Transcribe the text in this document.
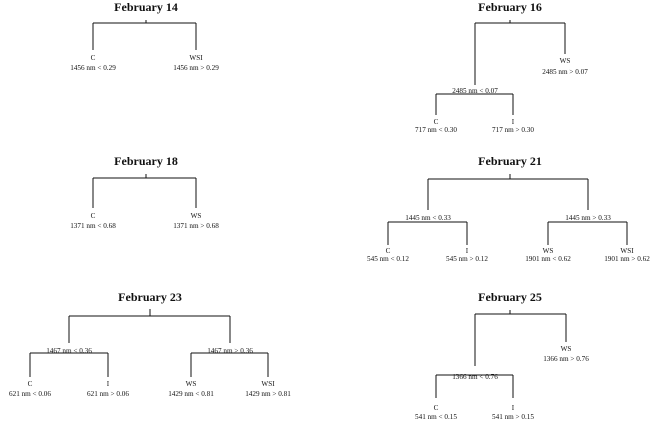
February 14
C
1456 nm < 0.29
WSI
1456 nm > 0.29
February 16
2485 nm < 0.07
WS
2485 nm > 0.07
C
717 nm < 0.30
I
717 nm > 0.30
February 18
C
1371 nm < 0.68
WS
1371 nm > 0.68
February 21
1445 nm < 0.33	1445 nm > 0.33
C
545 nm < 0.12
I
545 nm > 0.12
WS
1901 nm < 0.62
WSI
1901 nm > 0.62
February 23
1467 nm < 0.36	1467 nm > 0.36
C
621 nm < 0.06
I
621 nm > 0.06
WS
1429 nm < 0.81
WSI
1429 nm > 0.81
February 25
1366 nm < 0.76
WS
1366 nm > 0.76
C
541 nm < 0.15
I
541 nm > 0.15
